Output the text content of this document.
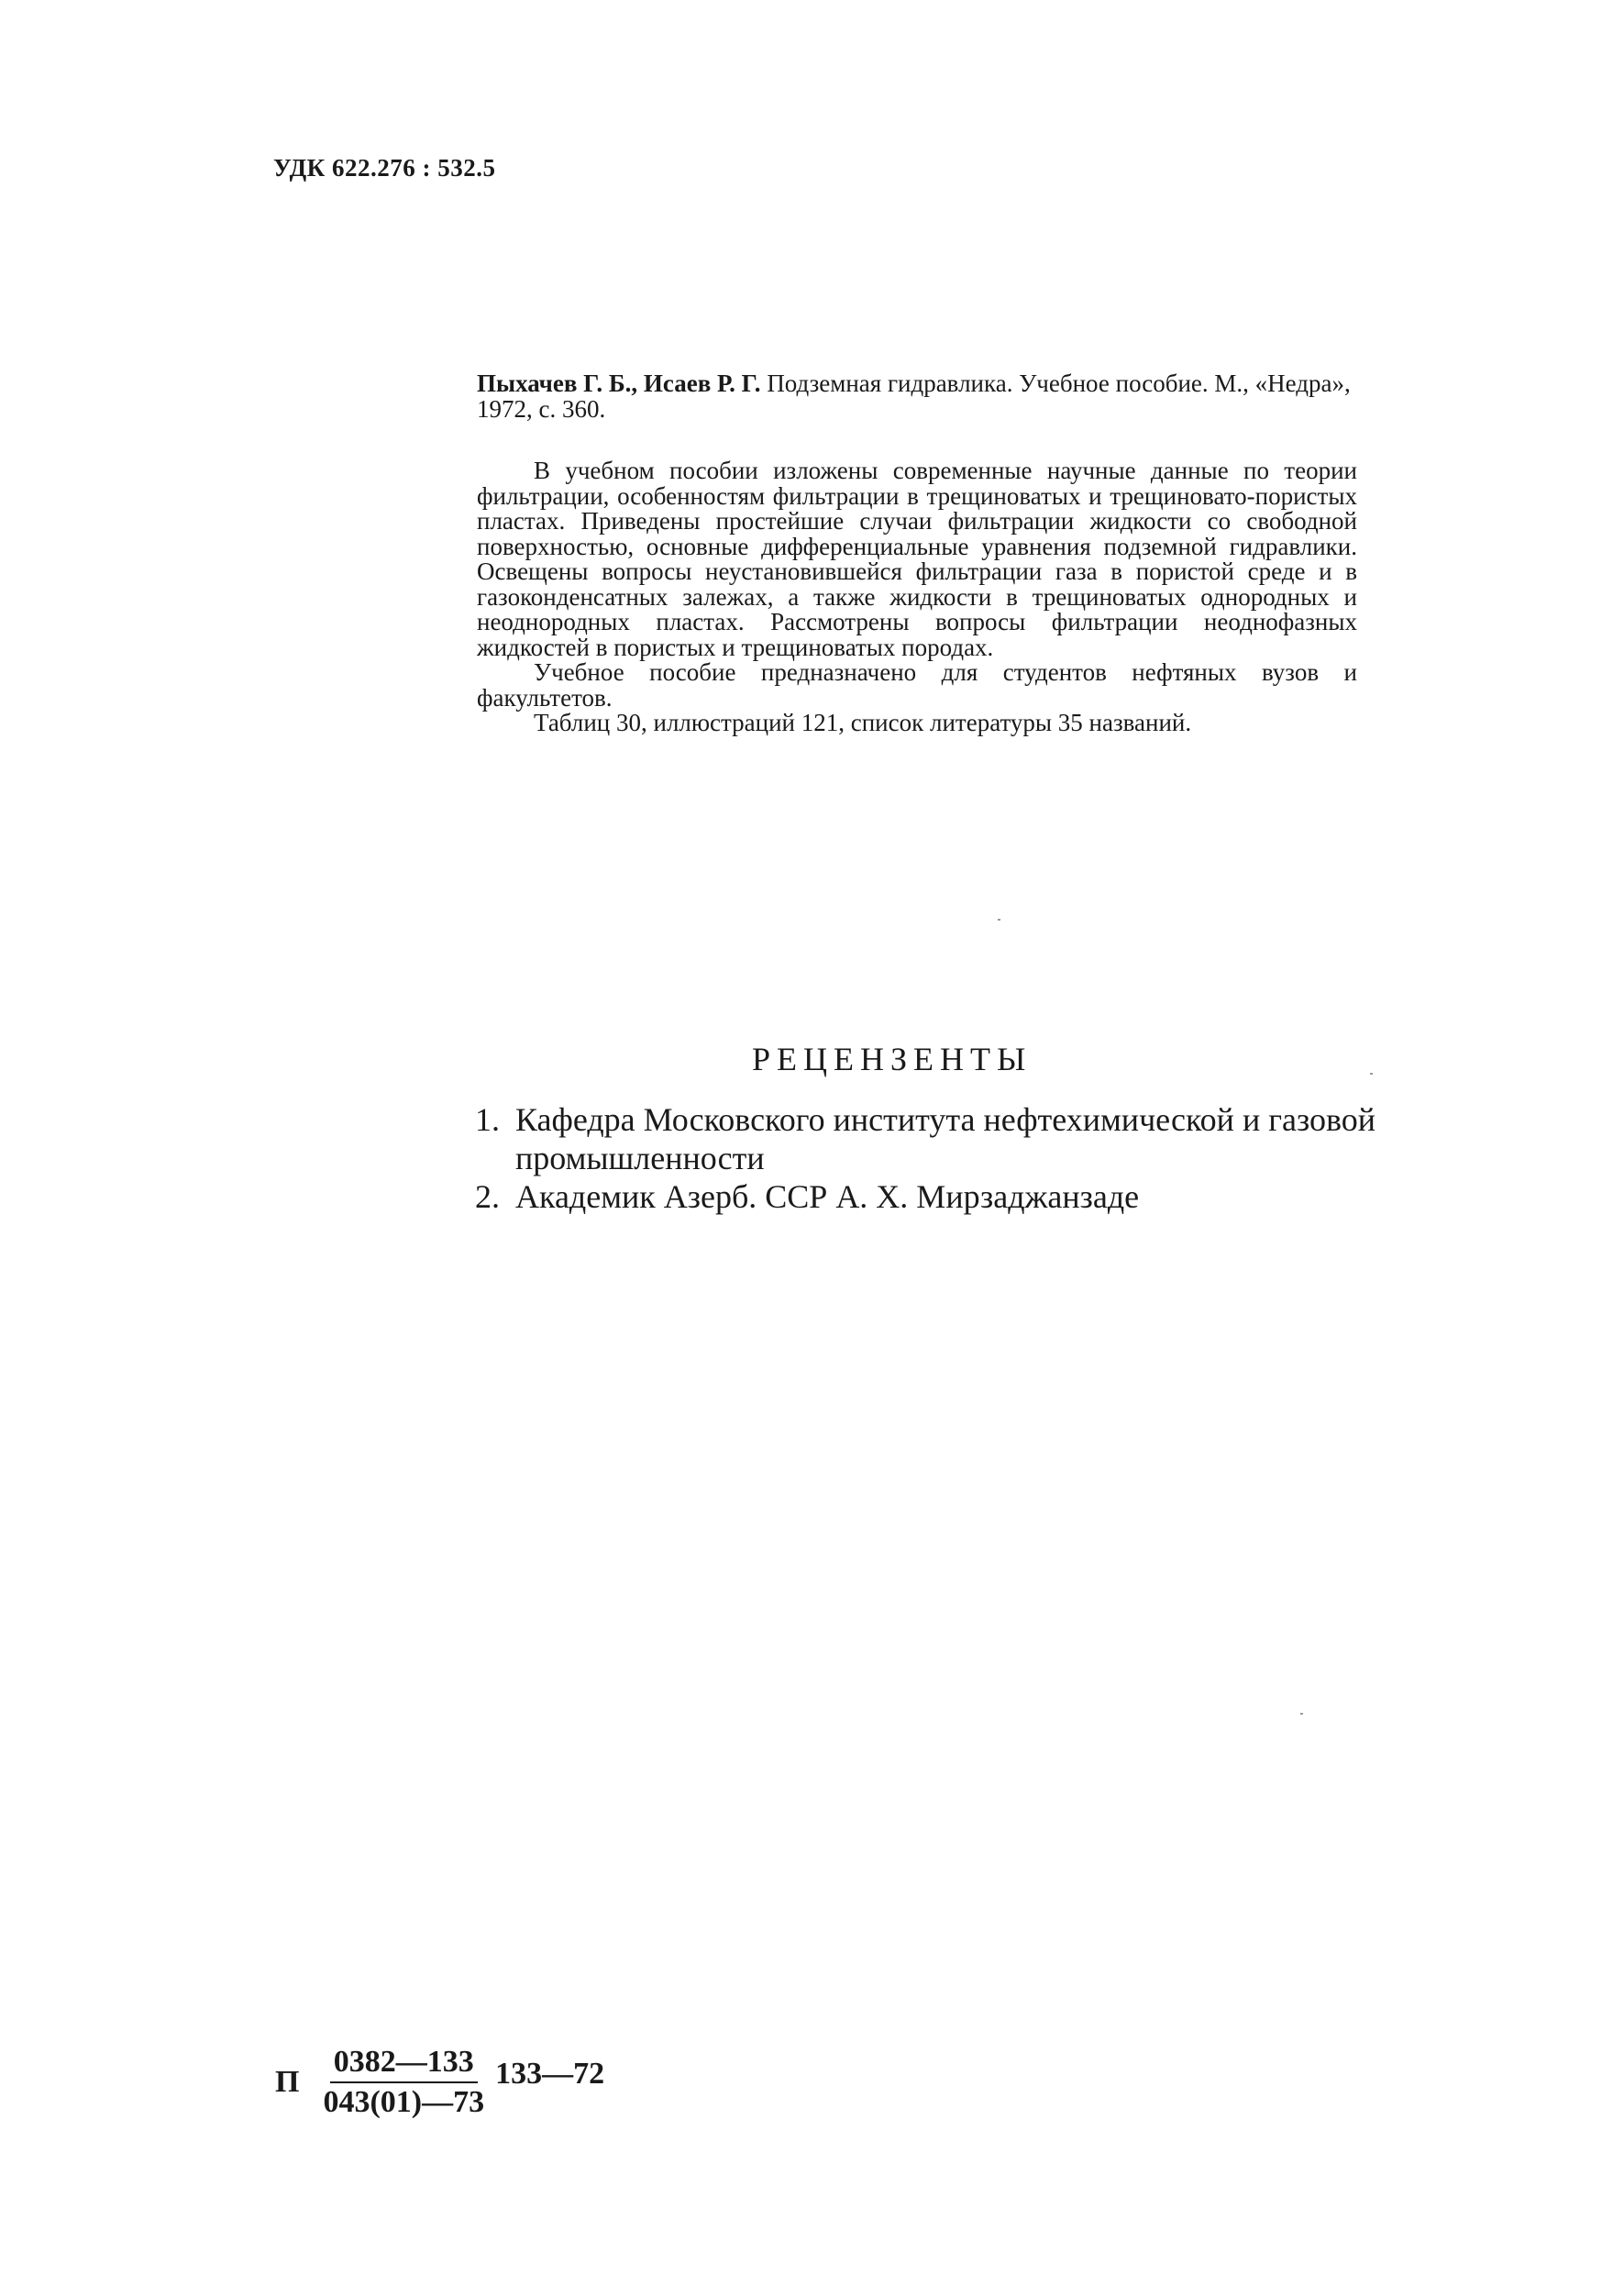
УДК 622.276 : 532.5
Пыхачев Г. Б., Исаев Р. Г. Подземная гидравлика. Учебное пособие. М., «Недра», 1972, с. 360.

В учебном пособии изложены современные научные данные по теории фильтрации, особенностям фильтрации в трещиноватых и трещиновато-пористых пластах. Приведены простейшие случаи фильтрации жидкости со свободной поверхностью, основные дифференциальные уравнения подземной гидравлики. Освещены вопросы неустановившейся фильтрации газа в пористой среде и в газоконденсатных залежах, а также жидкости в трещиноватых однородных и неоднородных пластах. Рассмотрены вопросы фильтрации неоднофазных жидкостей в пористых и трещиноватых породах.

Учебное пособие предназначено для студентов нефтяных вузов и факультетов.

Таблиц 30, иллюстраций 121, список литературы 35 названий.

РЕЦЕНЗЕНТЫ
1. Кафедра Московского института нефтехимической и газовой промышленности
2. Академик Азерб. ССР А. Х. Мирзаджанзаде
П $\frac{0382—133}{043(01)—73}$ 133—72
